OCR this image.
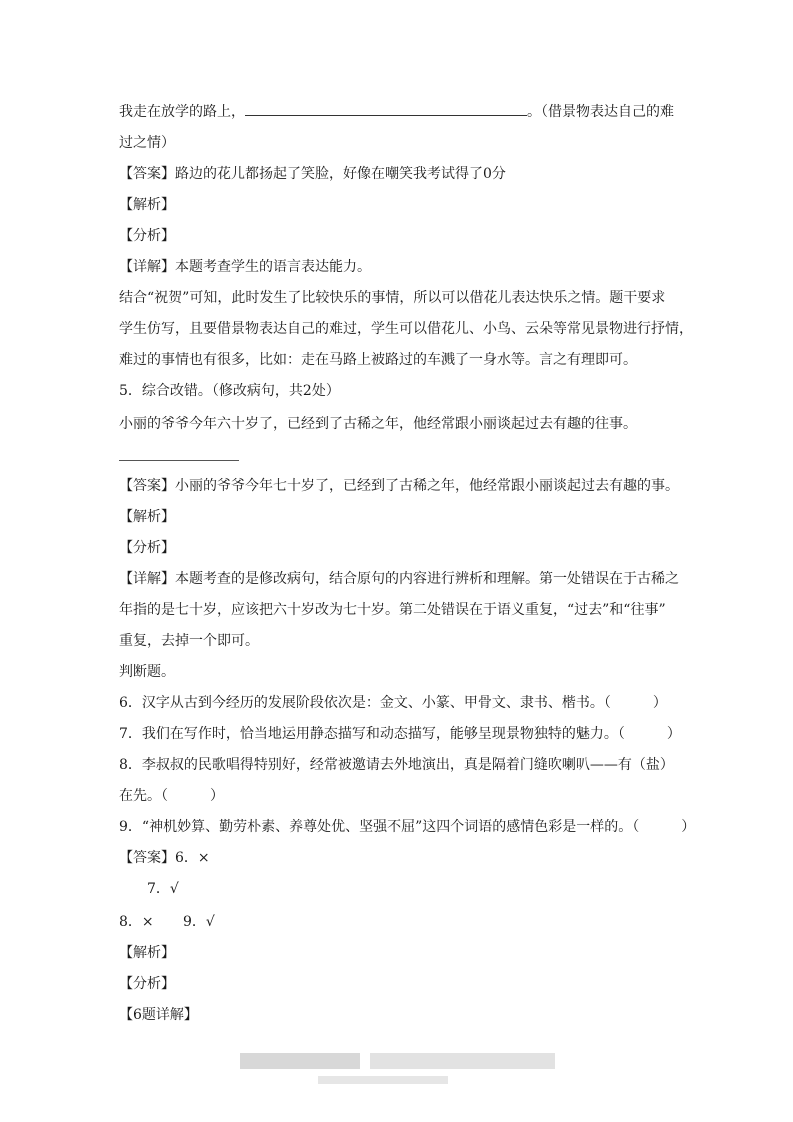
我走在放学的路上，	。（借景物表达自己的难
过之情）
【答案】路边的花儿都扬起了笑脸，好像在嘲笑我考试得了0分
【解析】
【分析】
【详解】本题考查学生的语言表达能力。
结合“祝贺”可知，此时发生了比较快乐的事情，所以可以借花儿表达快乐之情。题干要求
学生仿写，且要借景物表达自己的难过，学生可以借花儿、小鸟、云朵等常见景物进行抒情，
难过的事情也有很多，比如：走在马路上被路过的车溅了一身水等。言之有理即可。
5．综合改错。（修改病句，共2处）
小丽的爷爷今年六十岁了，已经到了古稀之年，他经常跟小丽谈起过去有趣的往事。
【答案】小丽的爷爷今年七十岁了，已经到了古稀之年，他经常跟小丽谈起过去有趣的事。
【解析】
【分析】
【详解】本题考查的是修改病句，结合原句的内容进行辨析和理解。第一处错误在于古稀之
年指的是七十岁，应该把六十岁改为七十岁。第二处错误在于语义重复，“过去”和“往事”
重复，去掉一个即可。
判断题。
6．汉字从古到今经历的发展阶段依次是：金文、小篆、甲骨文、隶书、楷书。（　　　）
7．我们在写作时，恰当地运用静态描写和动态描写，能够呈现景物独特的魅力。（　　　）
8．李叔叔的民歌唱得特别好，经常被邀请去外地演出，真是隔着门缝吹喇叭——有（盐）
在先。（　　　）
9．“神机妙算、勤劳朴素、养尊处优、坚强不屈”这四个词语的感情色彩是一样的。（　　　）
【答案】6．×
7．√
8．× 9．√
【解析】
【分析】
【6题详解】
